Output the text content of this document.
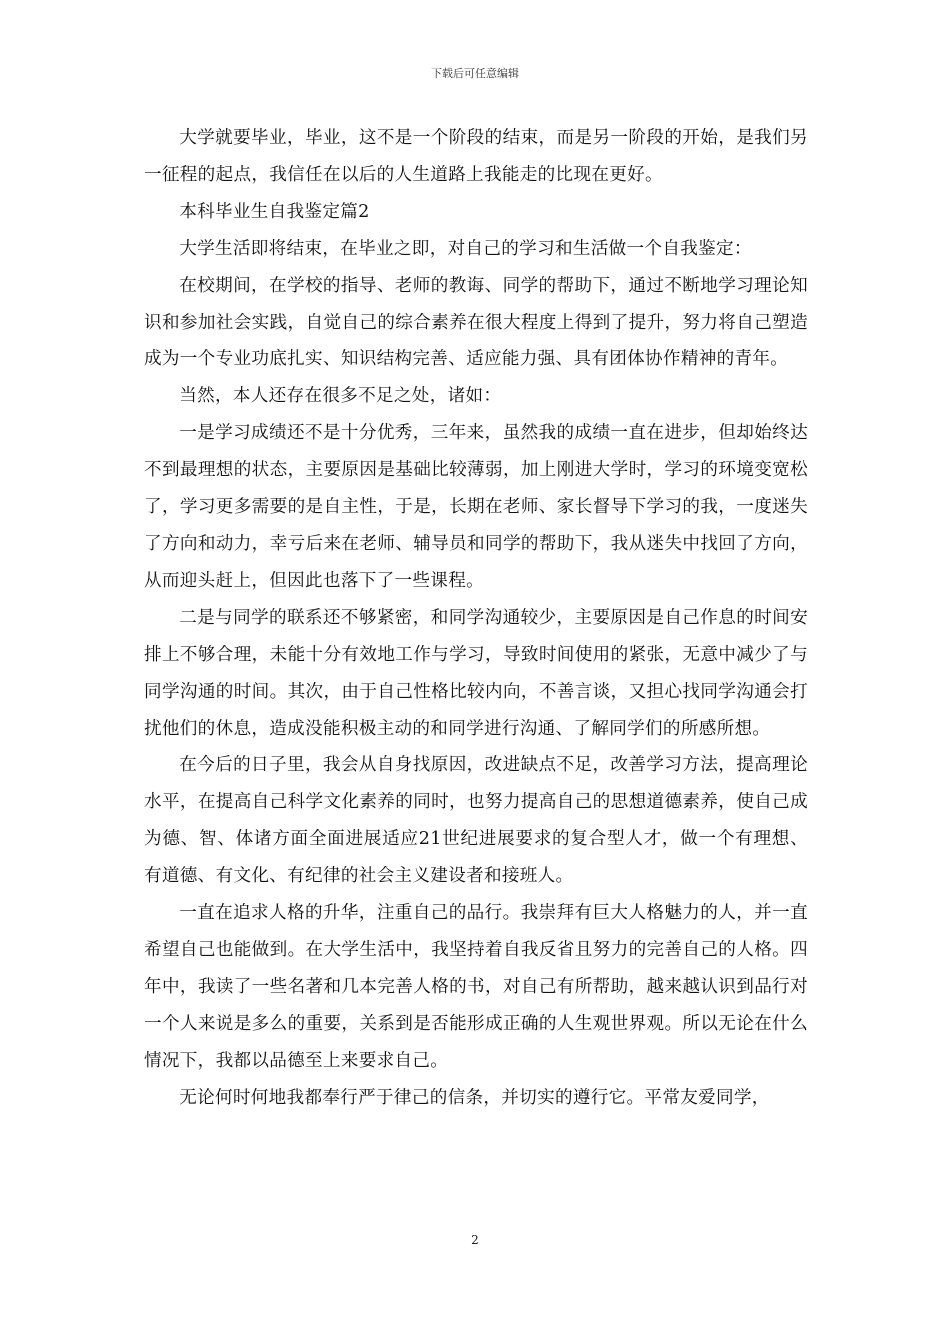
下载后可任意编辑

大学就要毕业，毕业，这不是一个阶段的结束，而是另一阶段的开始，是我们另一征程的起点，我信任在以后的人生道路上我能走的比现在更好。

本科毕业生自我鉴定篇2

大学生活即将结束，在毕业之即，对自己的学习和生活做一个自我鉴定：

在校期间，在学校的指导、老师的教诲、同学的帮助下，通过不断地学习理论知识和参加社会实践，自觉自己的综合素养在很大程度上得到了提升，努力将自己塑造成为一个专业功底扎实、知识结构完善、适应能力强、具有团体协作精神的青年。

当然，本人还存在很多不足之处，诸如：

一是学习成绩还不是十分优秀，三年来，虽然我的成绩一直在进步，但却始终达不到最理想的状态，主要原因是基础比较薄弱，加上刚进大学时，学习的环境变宽松了，学习更多需要的是自主性，于是，长期在老师、家长督导下学习的我，一度迷失了方向和动力，幸亏后来在老师、辅导员和同学的帮助下，我从迷失中找回了方向，从而迎头赶上，但因此也落下了一些课程。

二是与同学的联系还不够紧密，和同学沟通较少，主要原因是自己作息的时间安排上不够合理，未能十分有效地工作与学习，导致时间使用的紧张，无意中减少了与同学沟通的时间。其次，由于自己性格比较内向，不善言谈，又担心找同学沟通会打扰他们的休息，造成没能积极主动的和同学进行沟通、了解同学们的所感所想。

在今后的日子里，我会从自身找原因，改进缺点不足，改善学习方法，提高理论水平，在提高自己科学文化素养的同时，也努力提高自己的思想道德素养，使自己成为德、智、体诸方面全面进展适应21世纪进展要求的复合型人才，做一个有理想、有道德、有文化、有纪律的社会主义建设者和接班人。

一直在追求人格的升华，注重自己的品行。我崇拜有巨大人格魅力的人，并一直希望自己也能做到。在大学生活中，我坚持着自我反省且努力的完善自己的人格。四年中，我读了一些名著和几本完善人格的书，对自己有所帮助，越来越认识到品行对一个人来说是多么的重要，关系到是否能形成正确的人生观世界观。所以无论在什么情况下，我都以品德至上来要求自己。

无论何时何地我都奉行严于律己的信条，并切实的遵行它。平常友爱同学，

2
